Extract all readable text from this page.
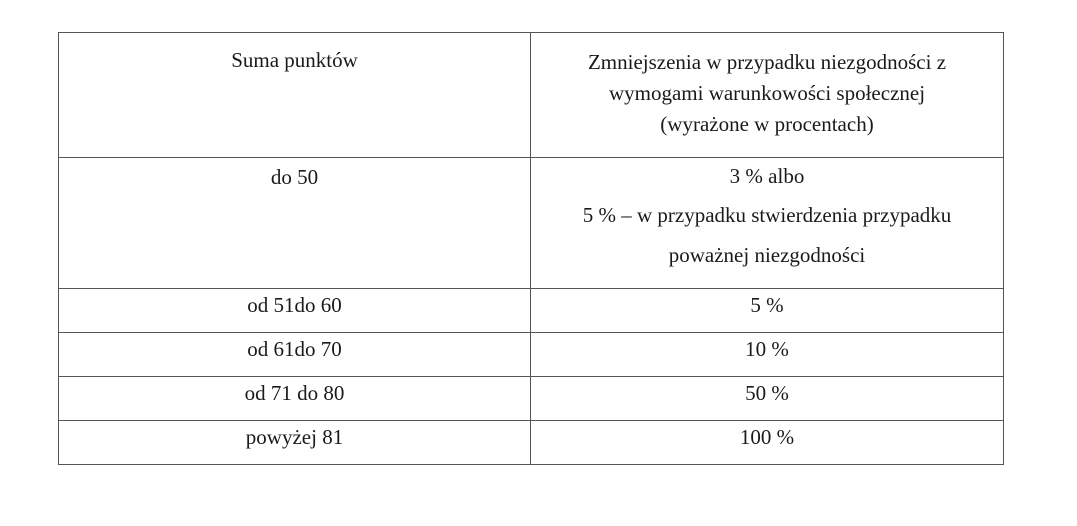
Suma punktów	Zmniejszenia w przypadku niezgodności z
wymogami warunkowości społecznej
(wyrażone w procentach)
do 50	3 % albo
5 % – w przypadku stwierdzenia przypadku
poważnej niezgodności

od 51do 60	5 %
od 61do 70	10 %
od 71 do 80	50 %
powyżej 81	100 %
